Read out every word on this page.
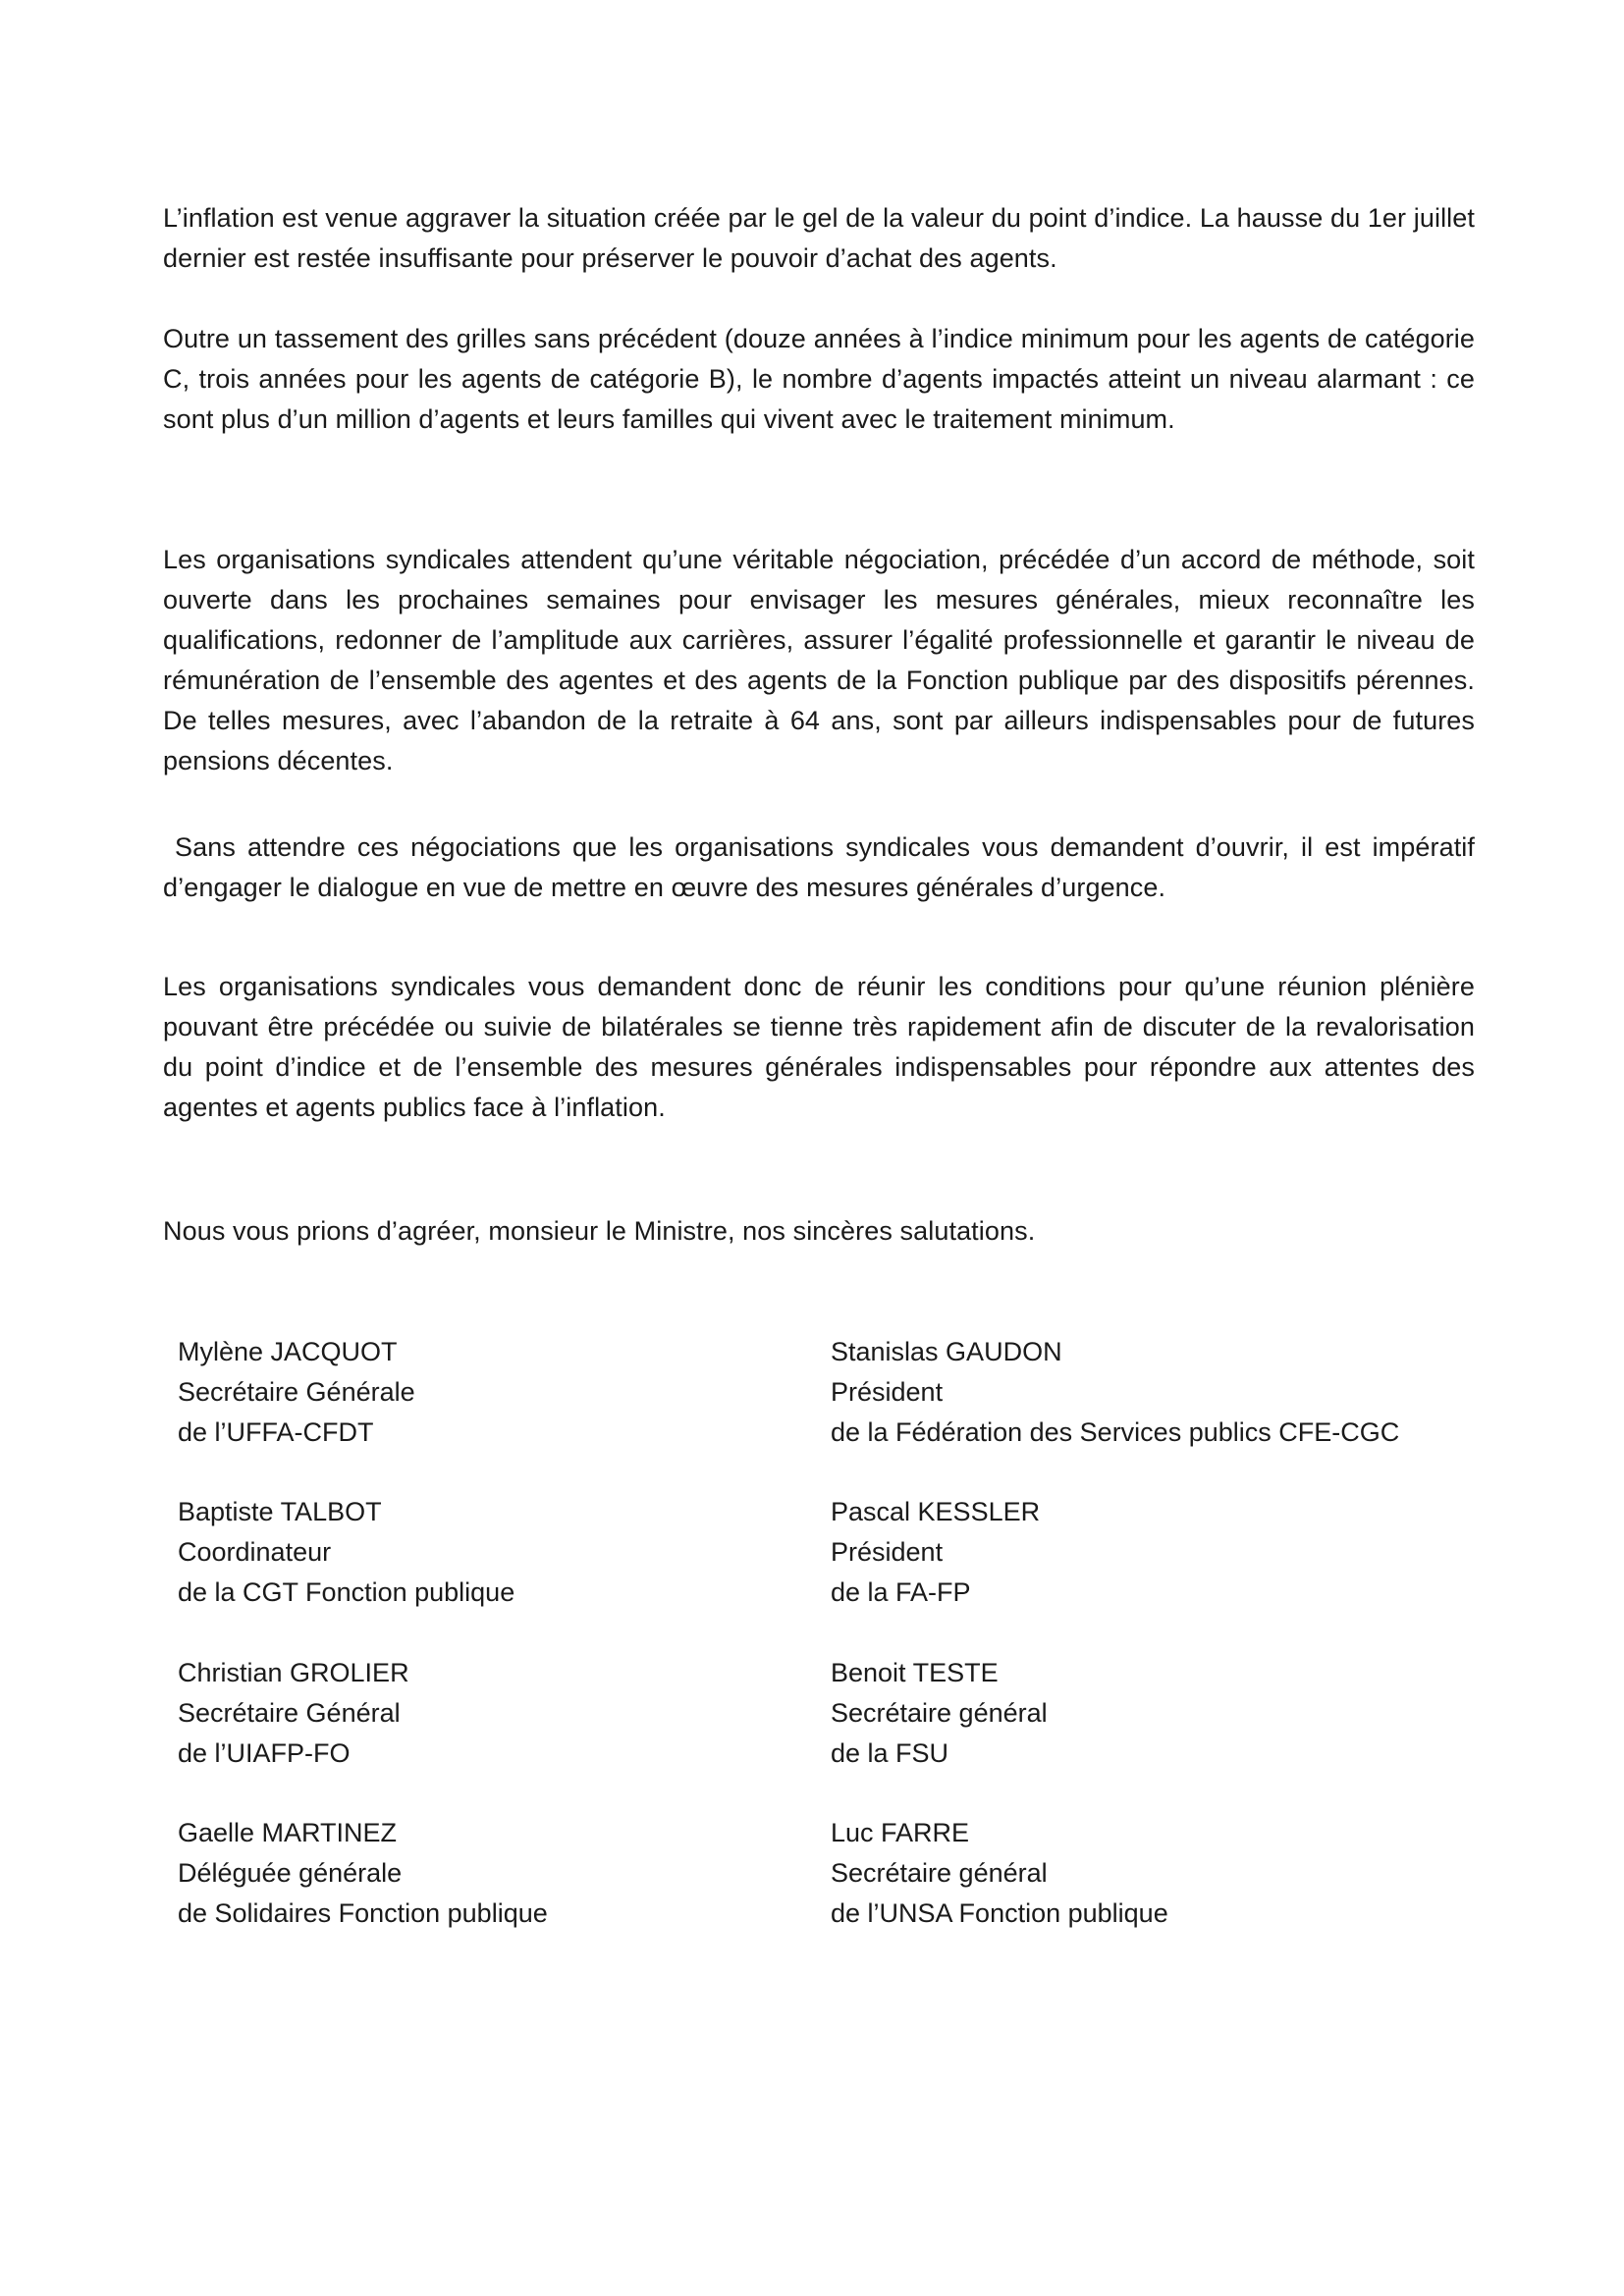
L’inflation est venue aggraver la situation créée par le gel de la valeur du point d’indice. La hausse du 1er juillet dernier est restée insuffisante pour préserver le pouvoir d’achat des agents.

Outre un tassement des grilles sans précédent (douze années à l’indice minimum pour les agents de catégorie C, trois années pour les agents de catégorie B), le nombre d’agents impactés atteint un niveau alarmant : ce sont plus d’un million d’agents et leurs familles qui vivent avec le traitement minimum.

Les organisations syndicales attendent qu’une véritable négociation, précédée d’un accord de méthode, soit ouverte dans les prochaines semaines pour envisager les mesures générales, mieux reconnaître les qualifications, redonner de l’amplitude aux carrières, assurer l’égalité professionnelle et garantir le niveau de rémunération de l’ensemble des agentes et des agents de la Fonction publique par des dispositifs pérennes. De telles mesures, avec l’abandon de la retraite à 64 ans, sont par ailleurs indispensables pour de futures pensions décentes.

Sans attendre ces négociations que les organisations syndicales vous demandent d’ouvrir, il est impératif d’engager le dialogue en vue de mettre en œuvre des mesures générales d’urgence.

Les organisations syndicales vous demandent donc de réunir les conditions pour qu’une réunion plénière pouvant être précédée ou suivie de bilatérales se tienne très rapidement afin de discuter de la revalorisation du point d’indice et de l’ensemble des mesures générales indispensables pour répondre aux attentes des agentes et agents publics face à l’inflation.

Nous vous prions d’agréer, monsieur le Ministre, nos sincères salutations.

Mylène JACQUOT
Secrétaire Générale
de l’UFFA-CFDT
Stanislas GAUDON
Président
de la Fédération des Services publics CFE-CGC
Baptiste TALBOT
Coordinateur
de la CGT Fonction publique
Pascal KESSLER
Président
de la FA-FP
Christian GROLIER
Secrétaire Général
de l’UIAFP-FO
Benoit TESTE
Secrétaire général
de la FSU
Gaelle MARTINEZ
Déléguée générale
de Solidaires Fonction publique
Luc FARRE
Secrétaire général
de l’UNSA Fonction publique
